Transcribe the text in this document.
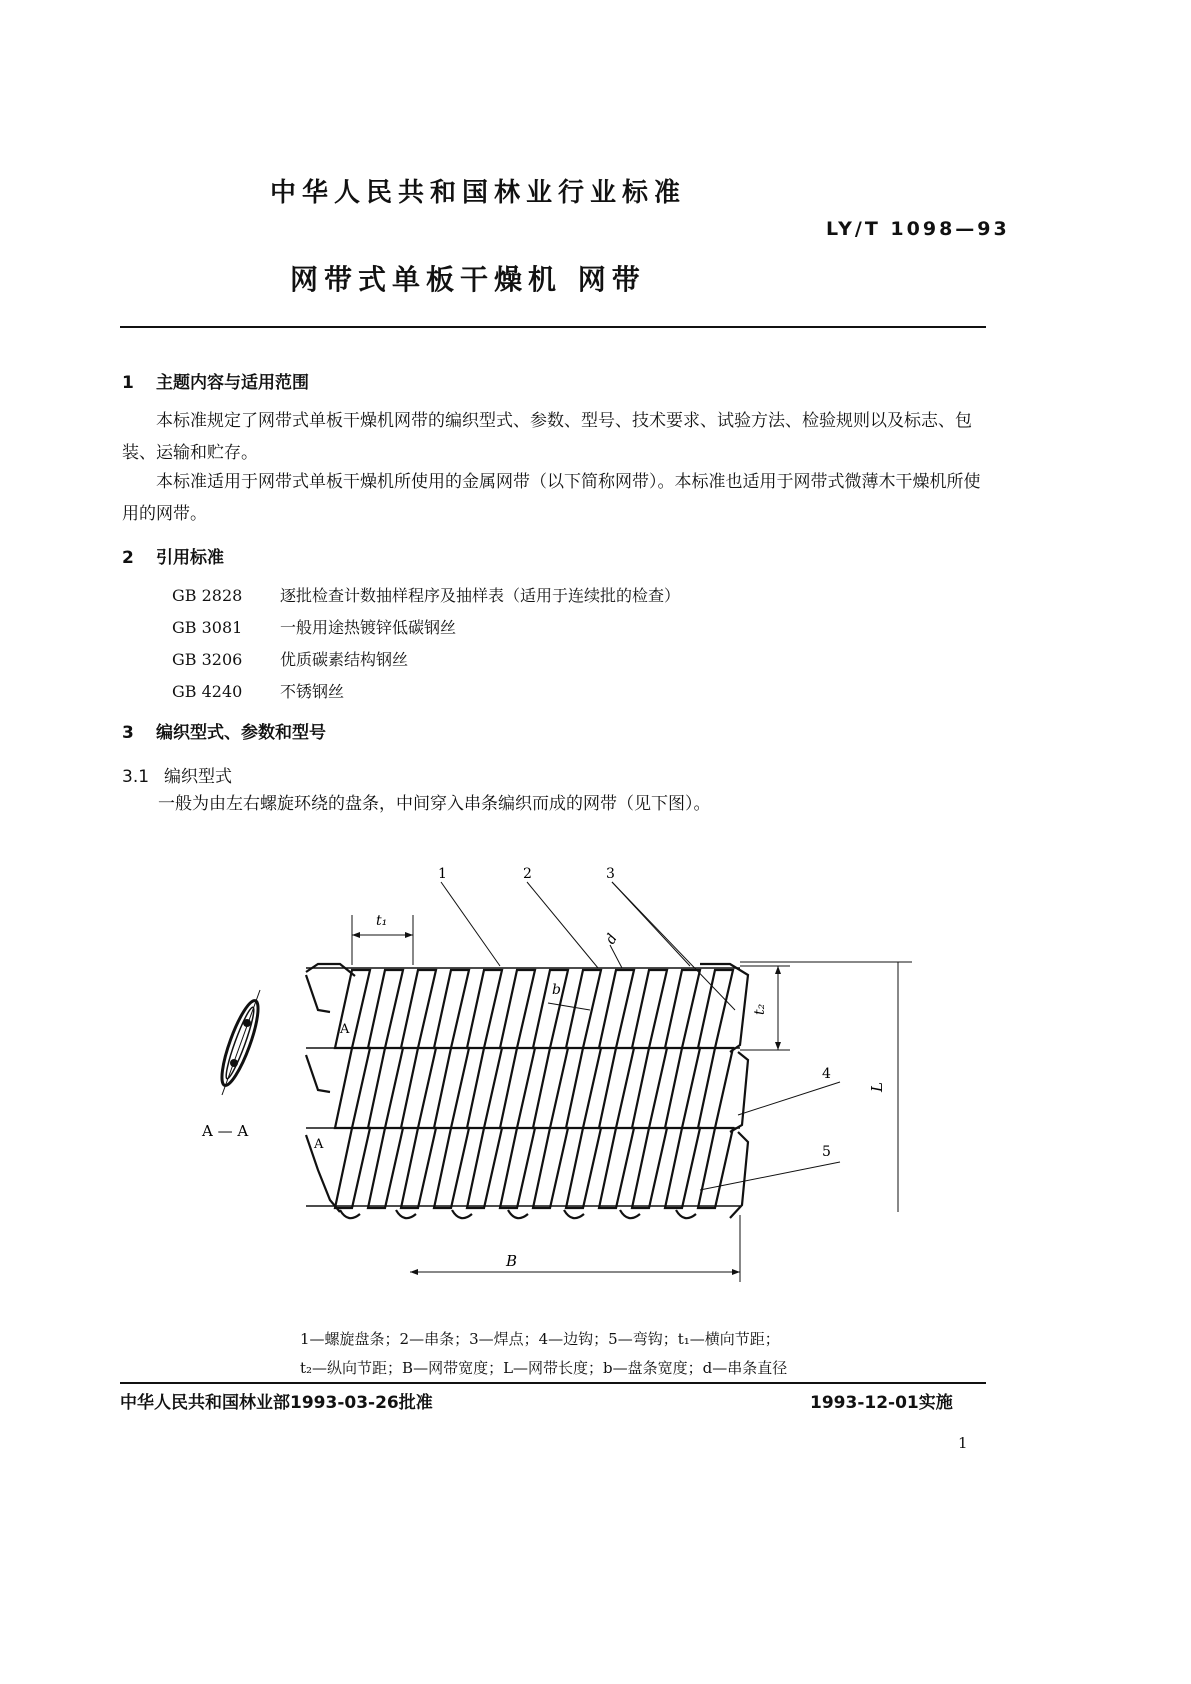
中华人民共和国林业行业标准
LY/T 1098—93
网带式单板干燥机 网带
1 主题内容与适用范围
本标准规定了网带式单板干燥机网带的编织型式、参数、型号、技术要求、试验方法、检验规则以及标志、包装、运输和贮存。
本标准适用于网带式单板干燥机所使用的金属网带（以下简称网带）。本标准也适用于网带式微薄木干燥机所使用的网带。
2 引用标准
GB 2828	逐批检查计数抽样程序及抽样表（适用于连续批的检查）
GB 3081	一般用途热镀锌低碳钢丝
GB 3206	优质碳素结构钢丝
GB 4240	不锈钢丝
3 编织型式、参数和型号
3.1 编织型式
一般为由左右螺旋环绕的盘条，中间穿入串条编织而成的网带（见下图）。
A — A
1	2	3
4
5
t₁
t₂
d
b
L
B
A
A
1—螺旋盘条；2—串条；3—焊点；4—边钩；5—弯钩；t₁—横向节距；
t₂—纵向节距；B—网带宽度；L—网带长度；b—盘条宽度；d—串条直径
中华人民共和国林业部1993-03-26批准	1993-12-01实施
1
